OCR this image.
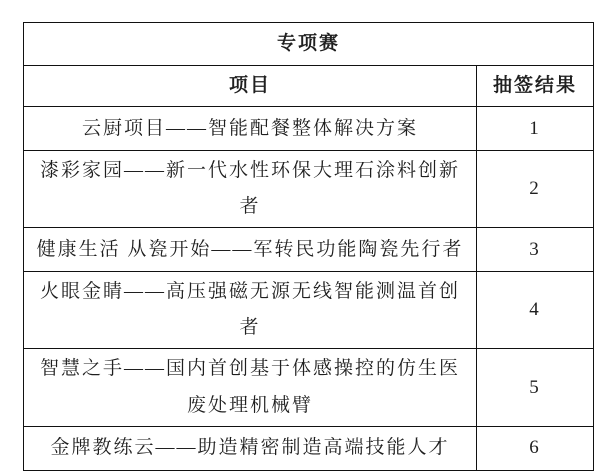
专项赛	
项目	抽签结果
云厨项目——智能配餐整体解决方案	1
漆彩家园——新一代水性环保大理石涂料创新者	2
健康生活 从瓷开始——军转民功能陶瓷先行者	3
火眼金睛——高压强磁无源无线智能测温首创者	4
智慧之手——国内首创基于体感操控的仿生医废处理机械臂	5
金牌教练云——助造精密制造高端技能人才	6
